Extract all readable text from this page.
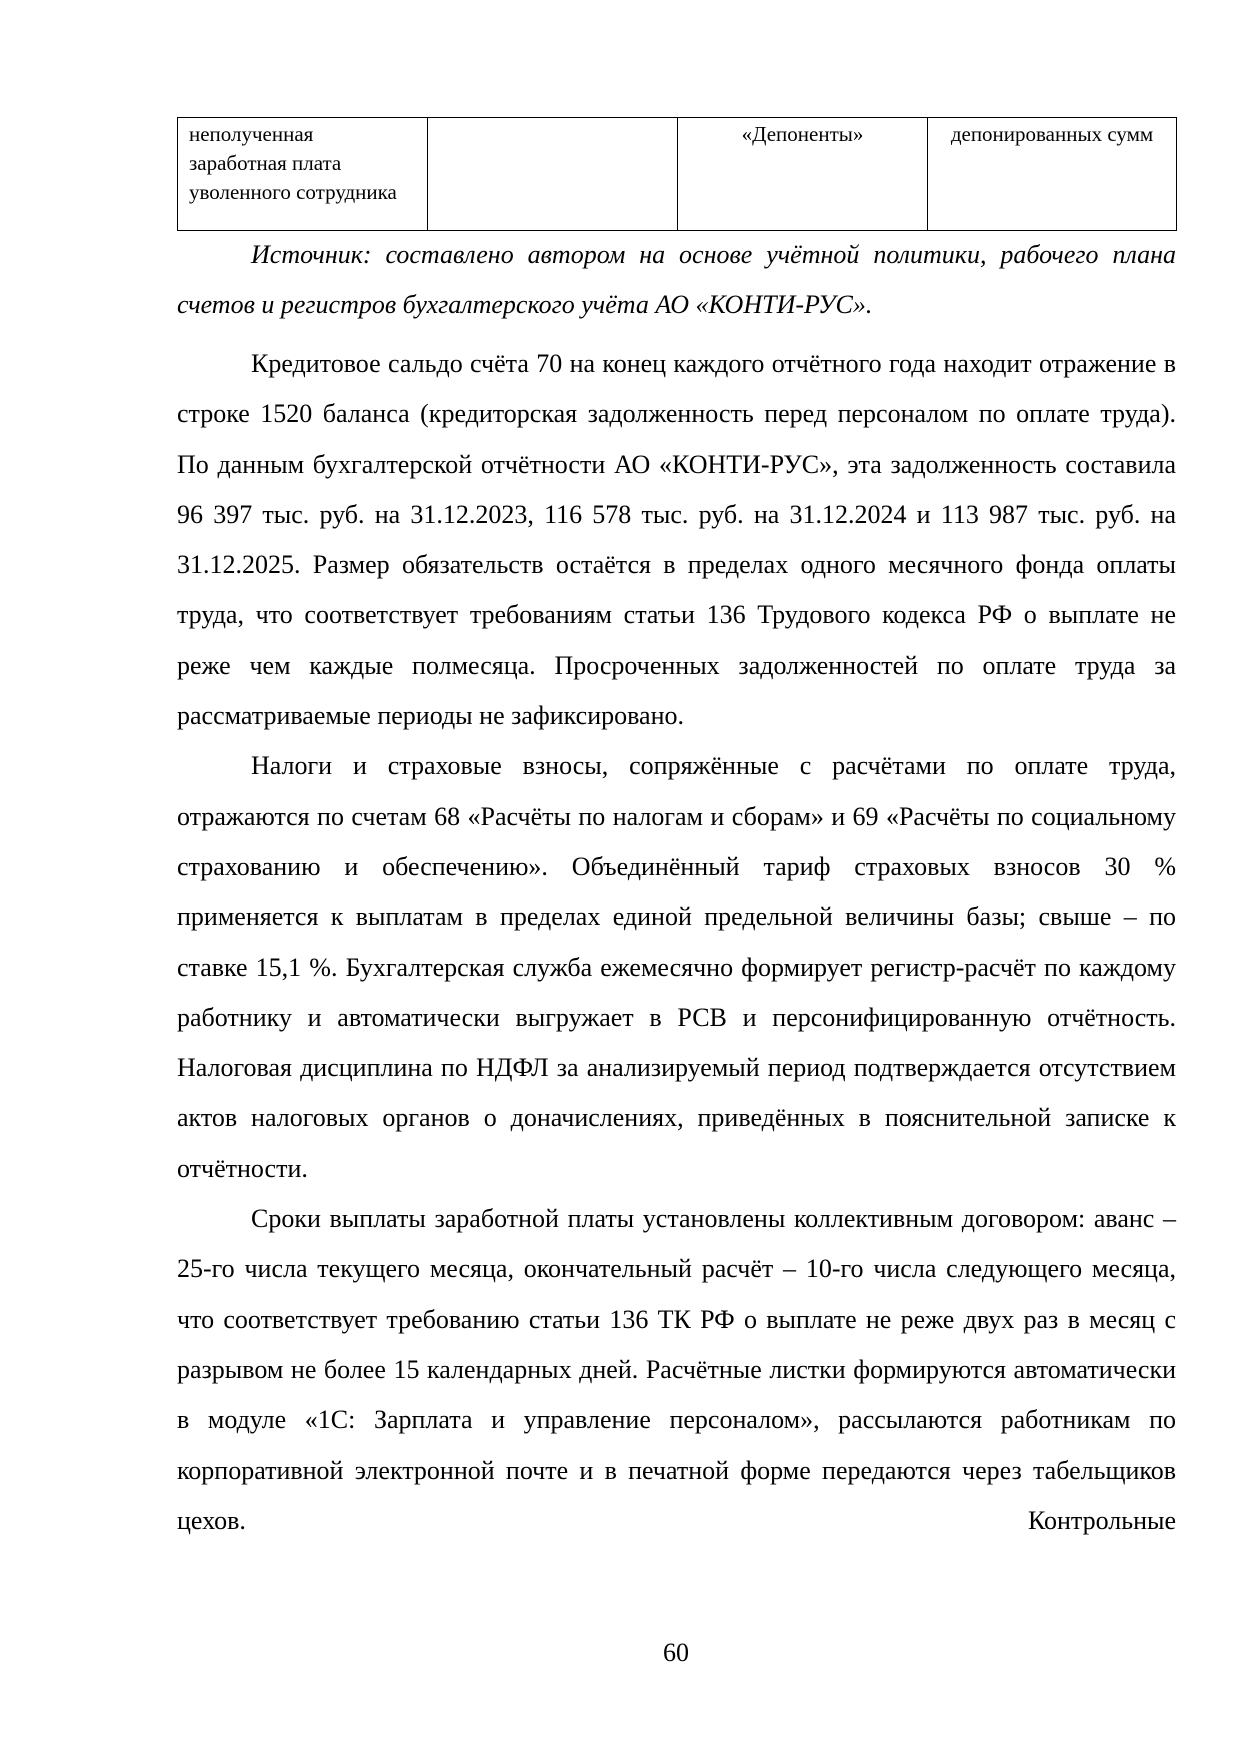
неполученная заработная плата уволенного сотрудника		«Депоненты»	депонированных сумм
Источник: составлено автором на основе учётной политики, рабочего плана счетов и регистров бухгалтерского учёта АО «КОНТИ-РУС».

Кредитовое сальдо счёта 70 на конец каждого отчётного года находит отражение в строке 1520 баланса (кредиторская задолженность перед персоналом по оплате труда). По данным бухгалтерской отчётности АО «КОНТИ-РУС», эта задолженность составила 96 397 тыс. руб. на 31.12.2023, 116 578 тыс. руб. на 31.12.2024 и 113 987 тыс. руб. на 31.12.2025. Размер обязательств остаётся в пределах одного месячного фонда оплаты труда, что соответствует требованиям статьи 136 Трудового кодекса РФ о выплате не реже чем каждые полмесяца. Просроченных задолженностей по оплате труда за рассматриваемые периоды не зафиксировано.

Налоги и страховые взносы, сопряжённые с расчётами по оплате труда, отражаются по счетам 68 «Расчёты по налогам и сборам» и 69 «Расчёты по социальному страхованию и обеспечению». Объединённый тариф страховых взносов 30 % применяется к выплатам в пределах единой предельной величины базы; свыше – по ставке 15,1 %. Бухгалтерская служба ежемесячно формирует регистр-расчёт по каждому работнику и автоматически выгружает в РСВ и персонифицированную отчётность. Налоговая дисциплина по НДФЛ за анализируемый период подтверждается отсутствием актов налоговых органов о доначислениях, приведённых в пояснительной записке к отчётности.

Сроки выплаты заработной платы установлены коллективным договором: аванс – 25-го числа текущего месяца, окончательный расчёт – 10-го числа следующего месяца, что соответствует требованию статьи 136 ТК РФ о выплате не реже двух раз в месяц с разрывом не более 15 календарных дней. Расчётные листки формируются автоматически в модуле «1С: Зарплата и управление персоналом», рассылаются работникам по корпоративной электронной почте и в печатной форме передаются через табельщиков цехов. Контрольные

60
